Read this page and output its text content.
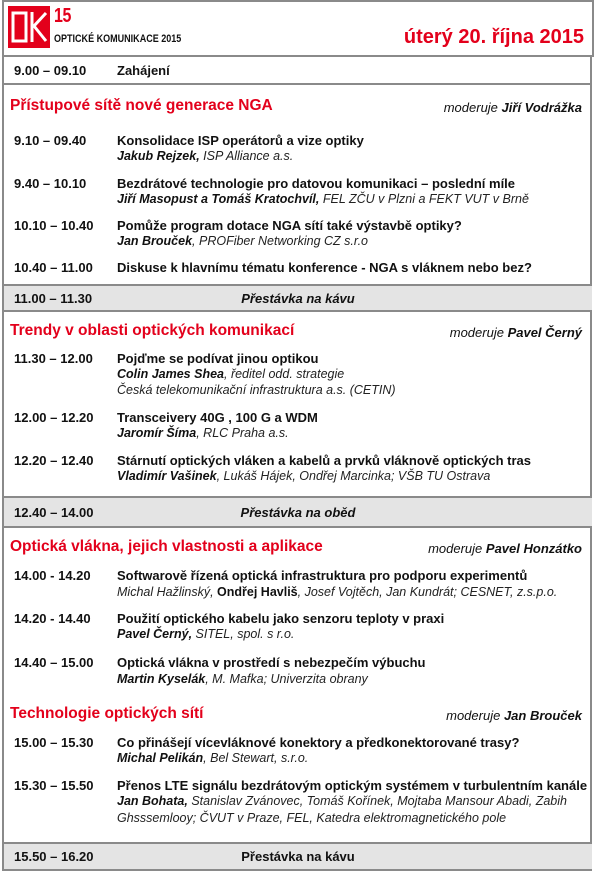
15
OPTICKÉ KOMUNIKACE 2015	úterý 20. října 2015
9.00 – 09.10 Zahájení
Přístupové sítě nové generace NGA	moderuje Jiří Vodrážka
9.10 – 09.40 Konsolidace ISP operátorů a vize optiky
Jakub Rejzek, ISP Alliance a.s.
9.40 – 10.10 Bezdrátové technologie pro datovou komunikaci – poslední míle
Jiří Masopust a Tomáš Kratochvíl, FEL ZČU v Plzni a FEKT VUT v Brně
10.10 – 10.40 Pomůže program dotace NGA sítí také výstavbě optiky?
Jan Brouček, PROFiber Networking CZ s.r.o
10.40 – 11.00 Diskuse k hlavnímu tématu konference - NGA s vláknem nebo bez?
11.00 – 11.30	Přestávka na kávu
Trendy v oblasti optických komunikací	moderuje Pavel Černý
11.30 – 12.00 Pojďme se podívat jinou optikou
Colin James Shea, ředitel odd. strategie
Česká telekomunikační infrastruktura a.s. (CETIN)
12.00 – 12.20 Transceivery 40G , 100 G a WDM
Jaromír Šíma, RLC Praha a.s.
12.20 – 12.40 Stárnutí optických vláken a kabelů a prvků vláknově optických tras
Vladimír Vašinek, Lukáš Hájek, Ondřej Marcinka; VŠB TU Ostrava
12.40 – 14.00	Přestávka na oběd
Optická vlákna, jejich vlastnosti a aplikace	moderuje Pavel Honzátko
14.00 - 14.20 Softwarově řízená optická infrastruktura pro podporu experimentů
Michal Hažlinský, Ondřej Havliš, Josef Vojtěch, Jan Kundrát; CESNET, z.s.p.o.
14.20 - 14.40 Použití optického kabelu jako senzoru teploty v praxi
Pavel Černý, SITEL, spol. s r.o.
14.40 – 15.00 Optická vlákna v prostředí s nebezpečím výbuchu
Martin Kyselák, M. Mafka; Univerzita obrany
Technologie optických sítí	moderuje Jan Brouček
15.00 – 15.30 Co přinášejí vícevláknové konektory a předkonektorované trasy?
Michal Pelikán, Bel Stewart, s.r.o.
15.30 – 15.50 Přenos LTE signálu bezdrátovým optickým systémem v turbulentním kanále
Jan Bohata, Stanislav Zvánovec, Tomáš Kořínek, Mojtaba Mansour Abadi, Zabih
Ghsssemlooy; ČVUT v Praze, FEL, Katedra elektromagnetického pole
15.50 – 16.20	Přestávka na kávu
